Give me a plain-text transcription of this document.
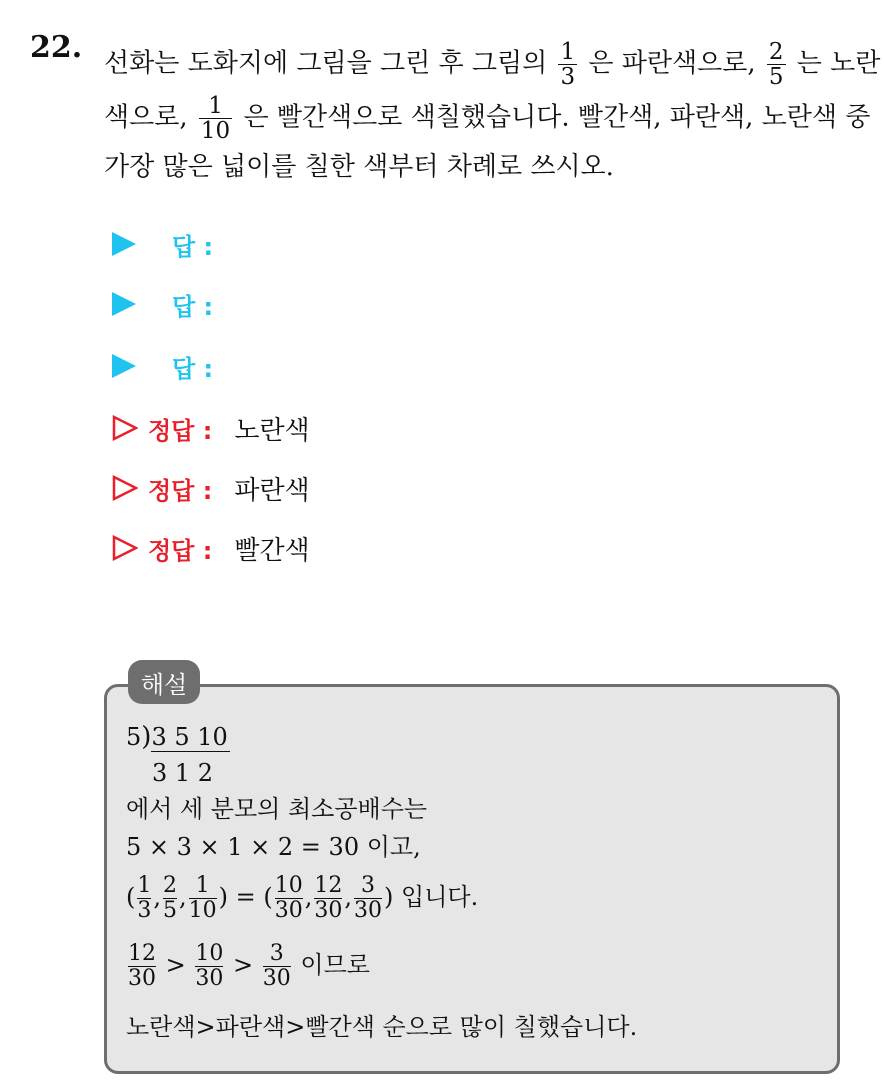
22. 선화는 도화지에 그림을 그린 후 그림의 $\frac{1}{3}$ 은 파란색으로, $\frac{2}{5}$ 는 노란
색으로, $\frac{1}{10}$ 은 빨간색으로 색칠했습니다. 빨간색, 파란색, 노란색 중
가장 많은 넓이를 칠한 색부터 차례로 쓰시오.
답 :
답 :
답 :
정답 : 노란색
정답 : 파란색
정답 : 빨간색
해설
5)3 5 10
3 1 2
에서 세 분모의 최소공배수는
5 × 3 × 1 × 2 = 30 이고,
( $\frac{1}{3}$ , $\frac{2}{5}$ , $\frac{1}{10}$ ) = ( $\frac{10}{30}$ , $\frac{12}{30}$ , $\frac{3}{30}$ ) 입니다.
$\frac{12}{30} > \frac{10}{30} > \frac{3}{30}$ 이므로
노란색>파란색>빨간색 순으로 많이 칠했습니다.
